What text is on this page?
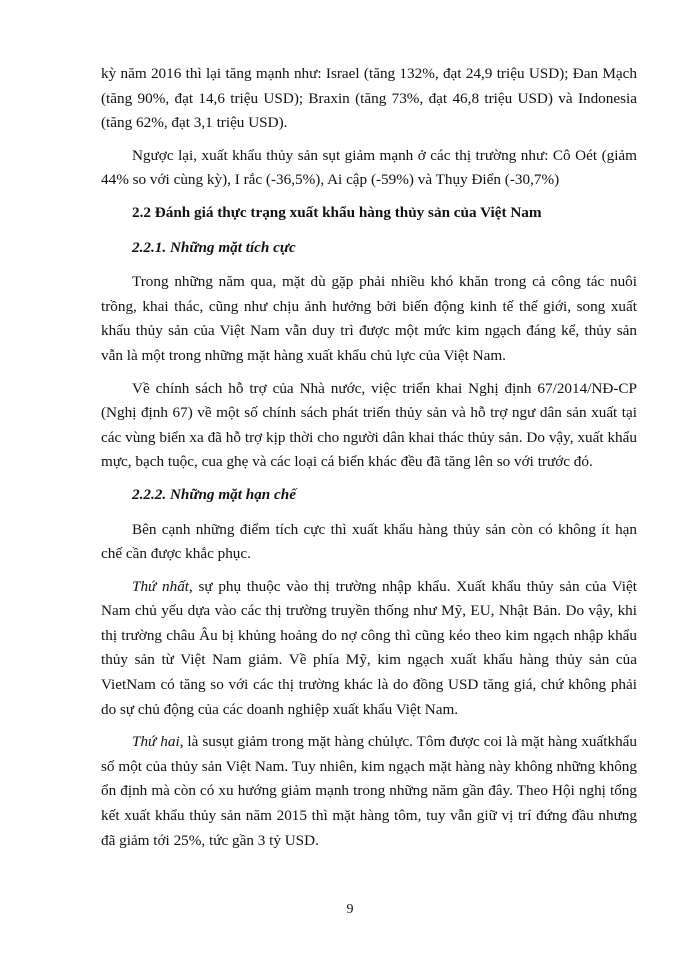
kỳ năm 2016 thì lại tăng mạnh như: Israel (tăng 132%, đạt 24,9 triệu USD); Đan Mạch (tăng 90%, đạt 14,6 triệu USD); Braxin (tăng 73%, đạt 46,8 triệu USD) và Indonesia (tăng 62%, đạt 3,1 triệu USD).

Ngược lại, xuất khẩu thủy sản sụt giảm mạnh ở các thị trường như: Cô Oét (giảm 44% so với cùng kỳ), I rắc (-36,5%), Ai cập (-59%) và Thụy Điển (-30,7%)

2.2 Đánh giá thực trạng xuất khẩu hàng thủy sản của Việt Nam
2.2.1. Những mặt tích cực

Trong những năm qua, mặt dù gặp phải nhiều khó khăn trong cả công tác nuôi trồng, khai thác, cũng như chịu ảnh hưởng bởi biến động kinh tế thế giới, song xuất khẩu thủy sản của Việt Nam vẫn duy trì được một mức kim ngạch đáng kể, thủy sản vẫn là một trong những mặt hàng xuất khẩu chủ lực của Việt Nam.

Về chính sách hỗ trợ của Nhà nước, việc triển khai Nghị định 67/2014/NĐ-CP (Nghị định 67) về một số chính sách phát triển thủy sản và hỗ trợ ngư dân sản xuất tại các vùng biển xa đã hỗ trợ kịp thời cho người dân khai thác thủy sản. Do vậy, xuất khẩu mực, bạch tuộc, cua ghẹ và các loại cá biển khác đều đã tăng lên so với trước đó.

2.2.2. Những mặt hạn chế

Bên cạnh những điểm tích cực thì xuất khẩu hàng thủy sản còn có không ít hạn chế cần được khắc phục.

Thứ nhất, sự phụ thuộc vào thị trường nhập khẩu. Xuất khẩu thủy sản của Việt Nam chủ yếu dựa vào các thị trường truyền thống như Mỹ, EU, Nhật Bản. Do vậy, khi thị trường châu Âu bị khủng hoảng do nợ công thì cũng kéo theo kim ngạch nhập khẩu thủy sản từ Việt Nam giảm. Về phía Mỹ, kim ngạch xuất khẩu hàng thủy sản của VietNam có tăng so với các thị trường khác là do đồng USD tăng giá, chứ không phải do sự chủ động của các doanh nghiệp xuất khẩu Việt Nam.

Thứ hai, là susụt giảm trong mặt hàng chủlực. Tôm được coi là mặt hàng xuấtkhẩu số một của thủy sản Việt Nam. Tuy nhiên, kim ngạch mặt hàng này không những không ổn định mà còn có xu hướng giảm mạnh trong những năm gần đây. Theo Hội nghị tổng kết xuất khẩu thủy sản năm 2015 thì mặt hàng tôm, tuy vẫn giữ vị trí đứng đầu nhưng đã giảm tới 25%, tức gần 3 tỷ USD.

9
